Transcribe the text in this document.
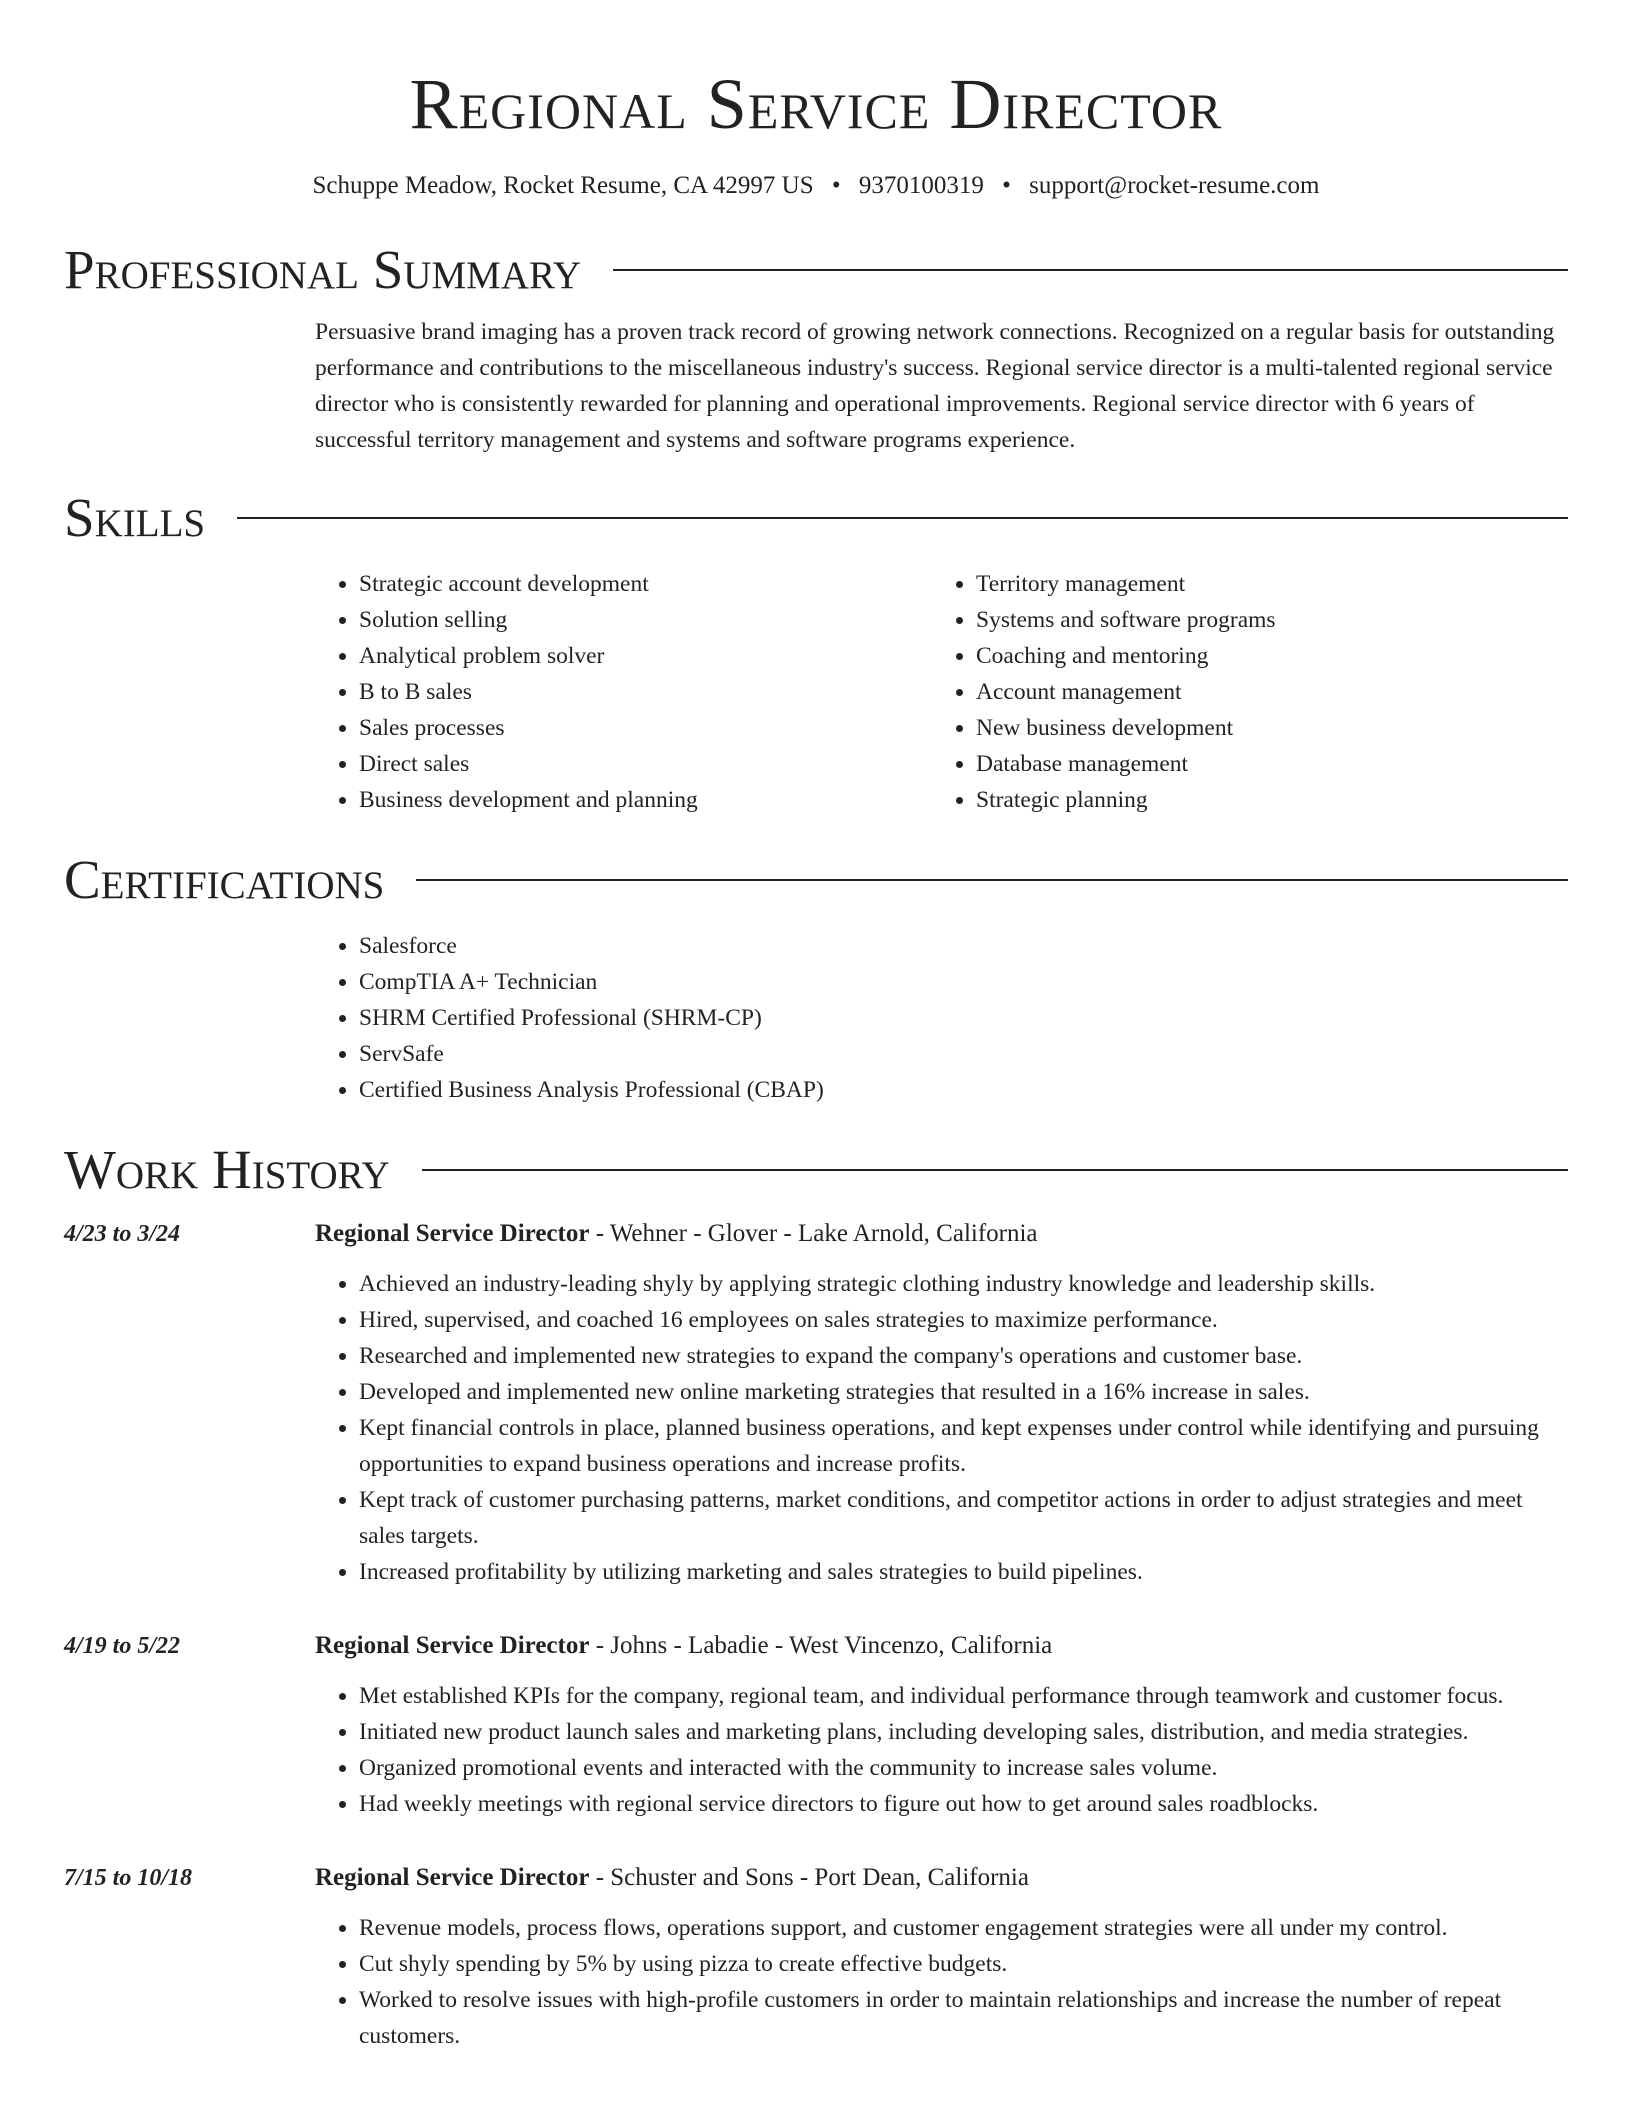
Regional Service Director
Schuppe Meadow, Rocket Resume, CA 42997 US • 9370100319 • support@rocket-resume.com
Professional Summary
Persuasive brand imaging has a proven track record of growing network connections. Recognized on a regular basis for outstanding performance and contributions to the miscellaneous industry's success. Regional service director is a multi-talented regional service director who is consistently rewarded for planning and operational improvements. Regional service director with 6 years of successful territory management and systems and software programs experience.
Skills
• Strategic account development
• Solution selling
• Analytical problem solver
• B to B sales
• Sales processes
• Direct sales
• Business development and planning
• Territory management
• Systems and software programs
• Coaching and mentoring
• Account management
• New business development
• Database management
• Strategic planning
Certifications
• Salesforce
• CompTIA A+ Technician
• SHRM Certified Professional (SHRM-CP)
• ServSafe
• Certified Business Analysis Professional (CBAP)
Work History
4/23 to 3/24	Regional Service Director - Wehner - Glover - Lake Arnold, California
• Achieved an industry-leading shyly by applying strategic clothing industry knowledge and leadership skills.
• Hired, supervised, and coached 16 employees on sales strategies to maximize performance.
• Researched and implemented new strategies to expand the company's operations and customer base.
• Developed and implemented new online marketing strategies that resulted in a 16% increase in sales.
• Kept financial controls in place, planned business operations, and kept expenses under control while identifying and pursuing opportunities to expand business operations and increase profits.
• Kept track of customer purchasing patterns, market conditions, and competitor actions in order to adjust strategies and meet sales targets.
• Increased profitability by utilizing marketing and sales strategies to build pipelines.
4/19 to 5/22	Regional Service Director - Johns - Labadie - West Vincenzo, California
• Met established KPIs for the company, regional team, and individual performance through teamwork and customer focus.
• Initiated new product launch sales and marketing plans, including developing sales, distribution, and media strategies.
• Organized promotional events and interacted with the community to increase sales volume.
• Had weekly meetings with regional service directors to figure out how to get around sales roadblocks.
7/15 to 10/18	Regional Service Director - Schuster and Sons - Port Dean, California
• Revenue models, process flows, operations support, and customer engagement strategies were all under my control.
• Cut shyly spending by 5% by using pizza to create effective budgets.
• Worked to resolve issues with high-profile customers in order to maintain relationships and increase the number of repeat customers.
